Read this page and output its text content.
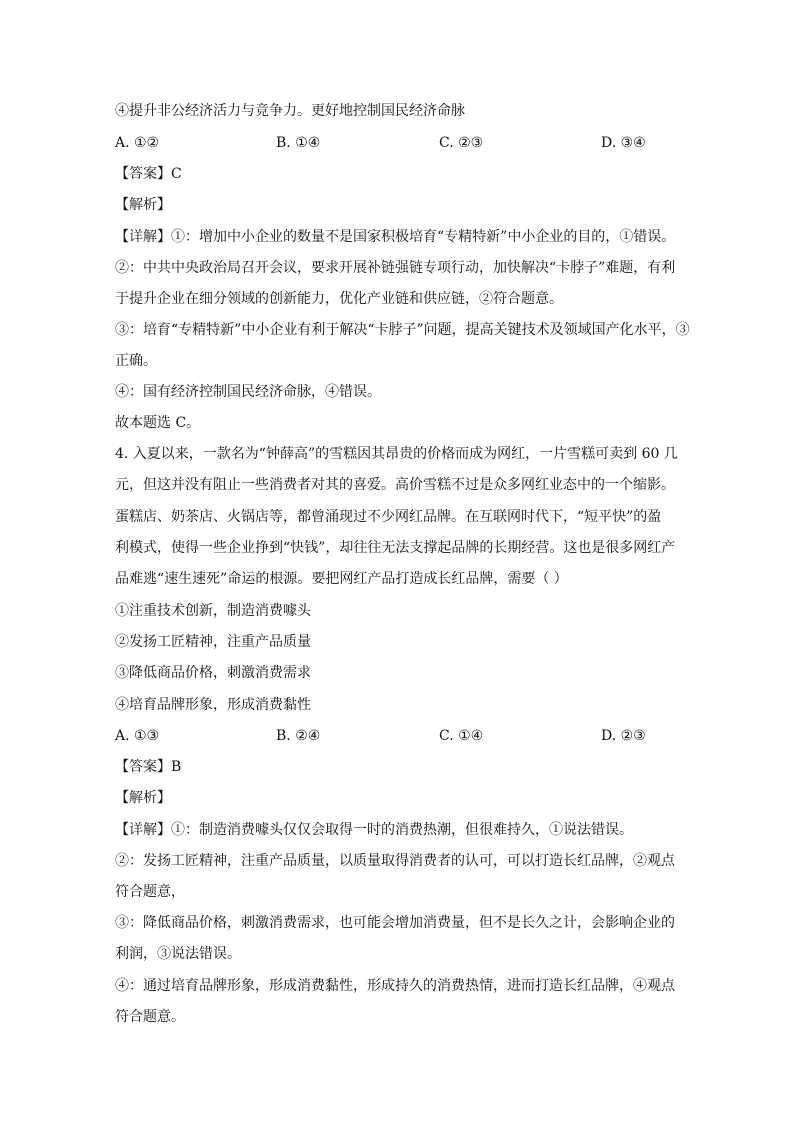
④提升非公经济活力与竞争力。更好地控制国民经济命脉
A. ①②	B. ①④	C. ②③	D. ③④
【答案】C
【解析】
【详解】①：增加中小企业的数量不是国家积极培育“专精特新”中小企业的目的，①错误。
②：中共中央政治局召开会议，要求开展补链强链专项行动，加快解决“卡脖子”难题，有利
于提升企业在细分领域的创新能力，优化产业链和供应链，②符合题意。
③：培育“专精特新”中小企业有利于解决“卡脖子”问题，提高关键技术及领域国产化水平，③
正确。
④：国有经济控制国民经济命脉，④错误。
故本题选 C。
4. 入夏以来，一款名为“钟薛高”的雪糕因其昂贵的价格而成为网红，一片雪糕可卖到 60 几
元，但这并没有阻止一些消费者对其的喜爱。高价雪糕不过是众多网红业态中的一个缩影。
蛋糕店、奶茶店、火锅店等，都曾涌现过不少网红品牌。在互联网时代下，“短平快”的盈
利模式，使得一些企业挣到“快钱”，却往往无法支撑起品牌的长期经营。这也是很多网红产
品难逃“速生速死”命运的根源。要把网红产品打造成长红品牌，需要（ ）
①注重技术创新，制造消费噱头
②发扬工匠精神，注重产品质量
③降低商品价格，刺激消费需求
④培育品牌形象，形成消费黏性
A. ①③	B. ②④	C. ①④	D. ②③
【答案】B
【解析】
【详解】①：制造消费噱头仅仅会取得一时的消费热潮，但很难持久，①说法错误。
②：发扬工匠精神，注重产品质量，以质量取得消费者的认可，可以打造长红品牌，②观点
符合题意，
③：降低商品价格，刺激消费需求，也可能会增加消费量，但不是长久之计，会影响企业的
利润，③说法错误。
④：通过培育品牌形象，形成消费黏性，形成持久的消费热情，进而打造长红品牌，④观点
符合题意。
